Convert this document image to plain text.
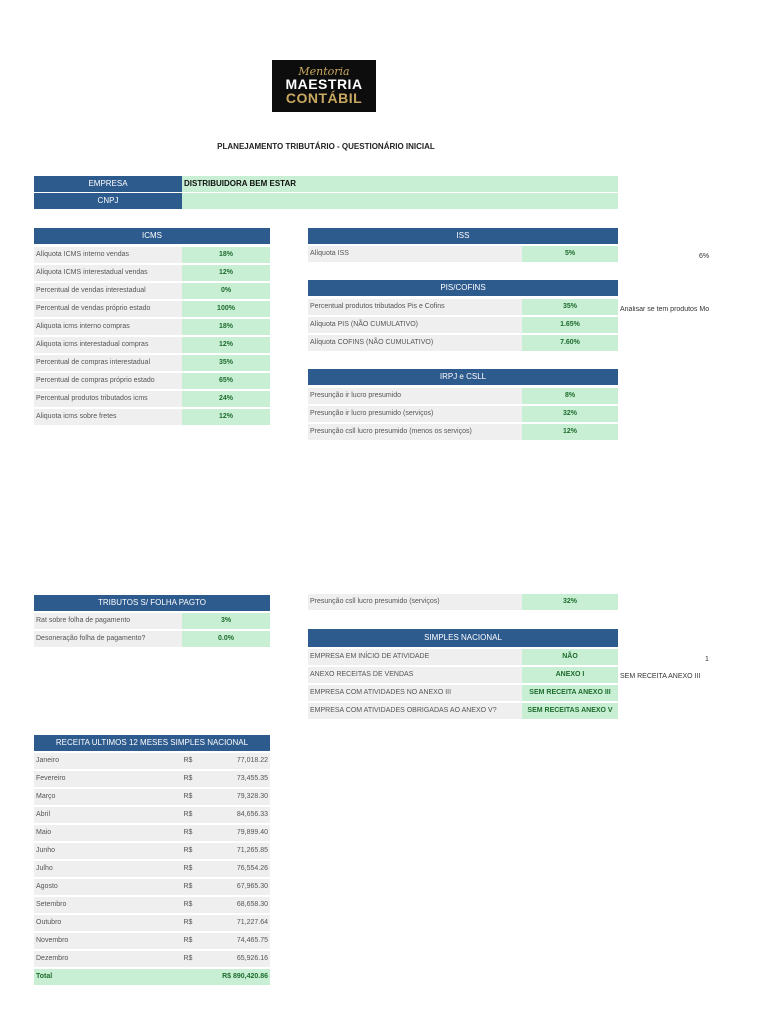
Mentoria
MAESTRIA
CONTÁBIL
PLANEJAMENTO TRIBUTÁRIO - QUESTIONÁRIO INICIAL
EMPRESA	DISTRIBUIDORA BEM ESTAR
CNPJ
ICMS
Alíquota ICMS interno vendas	18%
Alíquota ICMS interestadual vendas	12%
Percentual de vendas interestadual	0%
Percentual de vendas próprio estado	100%
Aliquota icms interno compras	18%
Aliquota icms interestadual compras	12%
Percentual de compras interestadual	35%
Percentual de compras próprio estado	65%
Percentual produtos tributados icms	24%
Aliquota icms sobre fretes	12%
ISS
Alíquota ISS	5%	6%
PIS/COFINS
Percentual produtos tributados Pis e Cofins	35%
Alíquota PIS (NÃO CUMULATIVO)	1.65%
Alíquota COFINS (NÃO CUMULATIVO)	7.60%
Analisar se tem produtos Mo
IRPJ e CSLL
Presunção ir lucro presumido	8%
Presunção ir lucro presumido (serviços)	32%
Presunção csll lucro presumido (menos os serviços)	12%
TRIBUTOS S/ FOLHA PAGTO
Rat sobre folha de pagamento	3%
Desoneração folha de pagamento?	0.0%
Presunção csll lucro presumido (serviços)	32%
SIMPLES NACIONAL
EMPRESA EM INÍCIO DE ATIVIDADE	NÃO
ANEXO RECEITAS DE VENDAS	ANEXO I
EMPRESA COM ATIVIDADES NO ANEXO III	SEM RECEITA ANEXO III
EMPRESA COM ATIVIDADES OBRIGADAS AO ANEXO V?	SEM RECEITAS ANEXO V
1
SEM RECEITA ANEXO III
RECEITA ULTIMOS 12 MESES SIMPLES NACIONAL
Janeiro	R$	77,018.22
Fevereiro	R$	73,455.35
Março	R$	79,328.30
Abril	R$	84,656.33
Maio	R$	79,899.40
Junho	R$	71,265.85
Julho	R$	76,554.26
Agosto	R$	67,965.30
Setembro	R$	68,658.30
Outubro	R$	71,227.64
Novembro	R$	74,465.75
Dezembro	R$	65,926.16
Total	R$ 890,420.86
